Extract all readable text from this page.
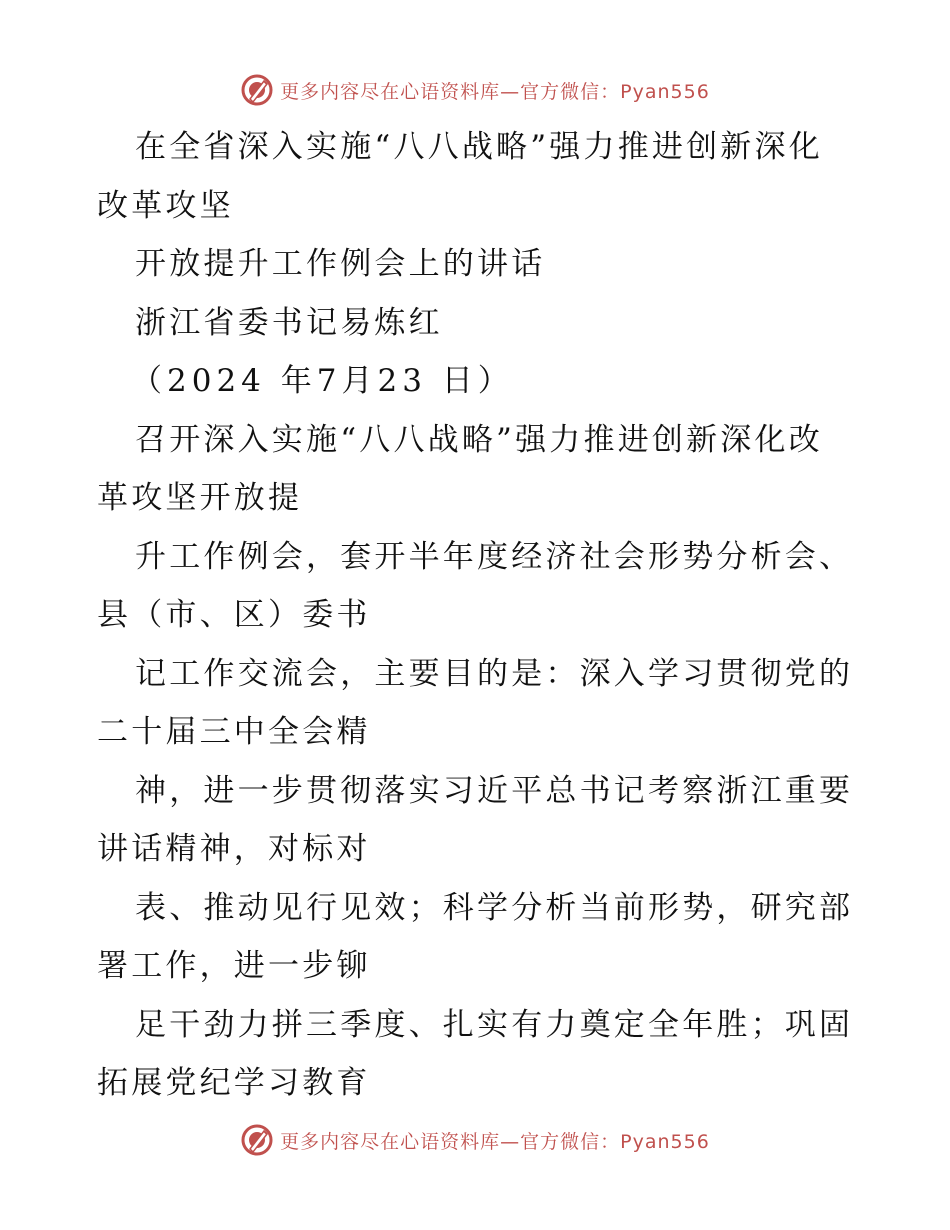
更多内容尽在心语资料库—官方微信：Pyan556
在全省深入实施“八八战略”强力推进创新深化
改革攻坚
开放提升工作例会上的讲话
浙江省委书记易炼红
（2024 年7月23 日）
召开深入实施“八八战略”强力推进创新深化改
革攻坚开放提
升工作例会，套开半年度经济社会形势分析会、
县（市、区）委书
记工作交流会，主要目的是：深入学习贯彻党的
二十届三中全会精
神，进一步贯彻落实习近平总书记考察浙江重要
讲话精神，对标对
表、推动见行见效；科学分析当前形势，研究部
署工作，进一步铆
足干劲力拼三季度、扎实有力奠定全年胜；巩固
拓展党纪学习教育
更多内容尽在心语资料库—官方微信：Pyan556
